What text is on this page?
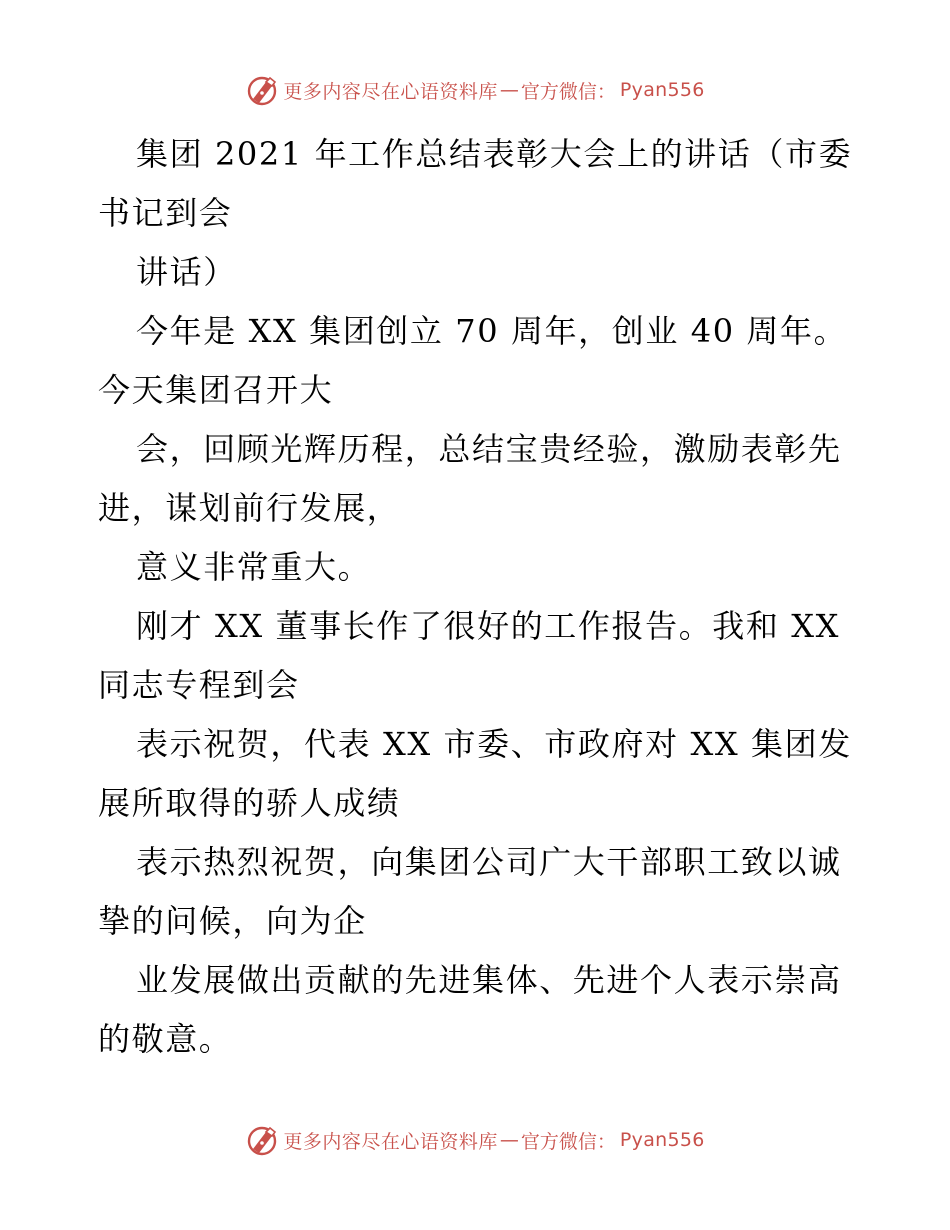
更多内容尽在心语资料库 — 官方微信 ： Pyan556

集团 2021 年工作总结表彰大会上的讲话（市委
书记到会

讲话）

今年是 XX 集团创立 70 周年，创业 40 周年。
今天集团召开大

会，回顾光辉历程，总结宝贵经验，激励表彰先
进，谋划前行发展，

意义非常重大。

刚才 XX 董事长作了很好的工作报告。我和 XX
同志专程到会

表示祝贺，代表 XX 市委、市政府对 XX 集团发
展所取得的骄人成绩

表示热烈祝贺，向集团公司广大干部职工致以诚
挚的问候，向为企

业发展做出贡献的先进集体、先进个人表示崇高
的敬意。

更多内容尽在心语资料库 — 官方微信 ： Pyan556
